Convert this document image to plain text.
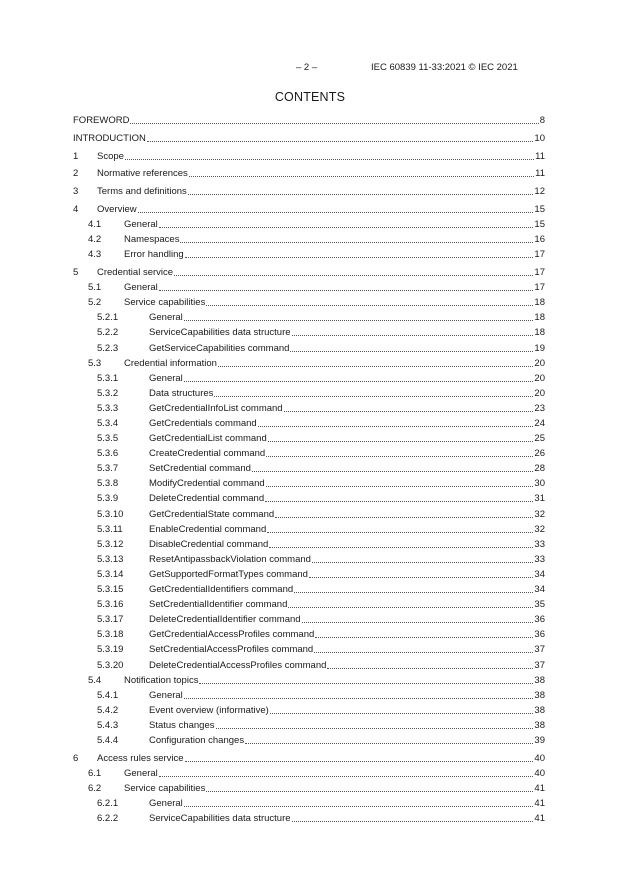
– 2 –	IEC 60839 11-33:2021 © IEC 2021
CONTENTS
FOREWORD	8
INTRODUCTION	10
1	Scope	11
2	Normative references	11
3	Terms and definitions	12
4	Overview	15
4.1	General	15
4.2	Namespaces	16
4.3	Error handling	17
5	Credential service	17
5.1	General	17
5.2	Service capabilities	18
5.2.1	General	18
5.2.2	ServiceCapabilities data structure	18
5.2.3	GetServiceCapabilities command	19
5.3	Credential information	20
5.3.1	General	20
5.3.2	Data structures	20
5.3.3	GetCredentialInfoList command	23
5.3.4	GetCredentials command	24
5.3.5	GetCredentialList command	25
5.3.6	CreateCredential command	26
5.3.7	SetCredential command	28
5.3.8	ModifyCredential command	30
5.3.9	DeleteCredential command	31
5.3.10	GetCredentialState command	32
5.3.11	EnableCredential command	32
5.3.12	DisableCredential command	33
5.3.13	ResetAntipassbackViolation command	33
5.3.14	GetSupportedFormatTypes command	34
5.3.15	GetCredentialIdentifiers command	34
5.3.16	SetCredentialIdentifier command	35
5.3.17	DeleteCredentialIdentifier command	36
5.3.18	GetCredentialAccessProfiles command	36
5.3.19	SetCredentialAccessProfiles command	37
5.3.20	DeleteCredentialAccessProfiles command	37
5.4	Notification topics	38
5.4.1	General	38
5.4.2	Event overview (informative)	38
5.4.3	Status changes	38
5.4.4	Configuration changes	39
6	Access rules service	40
6.1	General	40
6.2	Service capabilities	41
6.2.1	General	41
6.2.2	ServiceCapabilities data structure	41
